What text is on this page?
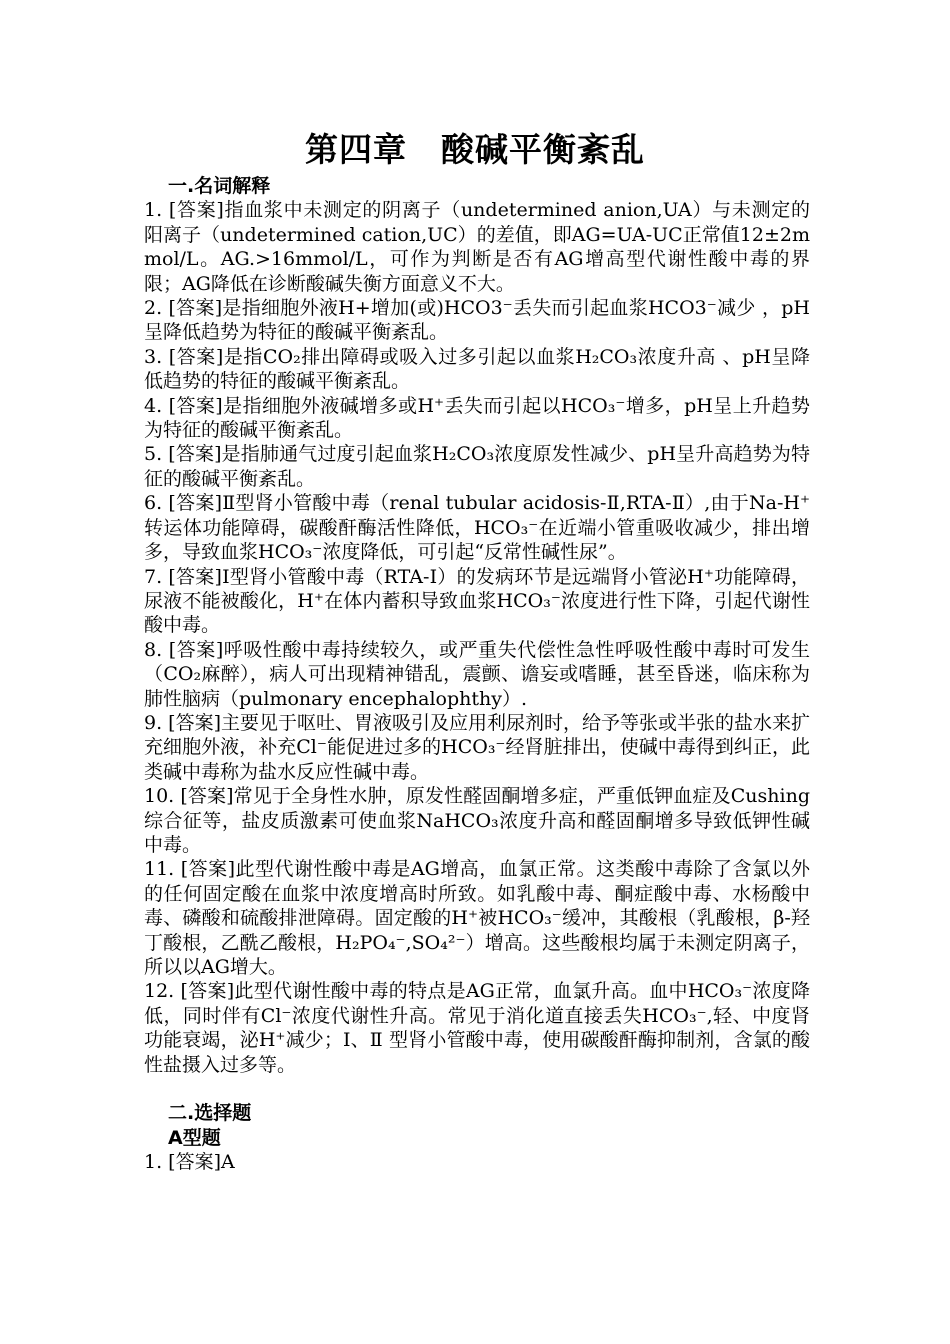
第四章　酸碱平衡紊乱

一.名词解释

1. [答案]指血浆中未测定的阴离子（undetermined anion,UA）与未测定的阳离子（undetermined cation,UC）的差值，即AG=UA-UC正常值12±2mmol/L。AG.>16mmol/L，可作为判断是否有AG增高型代谢性酸中毒的界限；AG降低在诊断酸碱失衡方面意义不大。

2. [答案]是指细胞外液H+增加(或)HCO3⁻丢失而引起血浆HCO3⁻减少 ，pH呈降低趋势为特征的酸碱平衡紊乱。

3. [答案]是指CO₂排出障碍或吸入过多引起以血浆H₂CO₃浓度升高 、pH呈降低趋势的特征的酸碱平衡紊乱。

4. [答案]是指细胞外液碱增多或H⁺丢失而引起以HCO₃⁻增多，pH呈上升趋势为特征的酸碱平衡紊乱。

5. [答案]是指肺通气过度引起血浆H₂CO₃浓度原发性减少、pH呈升高趋势为特征的酸碱平衡紊乱。

6. [答案]Ⅱ型肾小管酸中毒（renal tubular acidosis-Ⅱ,RTA-Ⅱ）,由于Na-H⁺转运体功能障碍，碳酸酐酶活性降低，HCO₃⁻在近端小管重吸收减少，排出增多，导致血浆HCO₃⁻浓度降低，可引起“反常性碱性尿”。

7. [答案]Ⅰ型肾小管酸中毒（RTA-Ⅰ）的发病环节是远端肾小管泌H⁺功能障碍，尿液不能被酸化，H⁺在体内蓄积导致血浆HCO₃⁻浓度进行性下降，引起代谢性酸中毒。

8. [答案]呼吸性酸中毒持续较久，或严重失代偿性急性呼吸性酸中毒时可发生（CO₂麻醉），病人可出现精神错乱，震颤、谵妄或嗜睡，甚至昏迷，临床称为肺性脑病（pulmonary encephalophthy）.

9. [答案]主要见于呕吐、胃液吸引及应用利尿剂时，给予等张或半张的盐水来扩充细胞外液，补充Cl⁻能促进过多的HCO₃⁻经肾脏排出，使碱中毒得到纠正，此类碱中毒称为盐水反应性碱中毒。

10. [答案]常见于全身性水肿，原发性醛固酮增多症，严重低钾血症及Cushing综合征等，盐皮质激素可使血浆NaHCO₃浓度升高和醛固酮增多导致低钾性碱中毒。

11. [答案]此型代谢性酸中毒是AG增高，血氯正常。这类酸中毒除了含氯以外的任何固定酸在血浆中浓度增高时所致。如乳酸中毒、酮症酸中毒、水杨酸中毒、磷酸和硫酸排泄障碍。固定酸的H⁺被HCO₃⁻缓冲，其酸根（乳酸根，β-羟丁酸根，乙酰乙酸根，H₂PO₄⁻,SO₄²⁻）增高。这些酸根均属于未测定阴离子，所以以AG增大。

12. [答案]此型代谢性酸中毒的特点是AG正常，血氯升高。血中HCO₃⁻浓度降低，同时伴有Cl⁻浓度代谢性升高。常见于消化道直接丢失HCO₃⁻,轻、中度肾功能衰竭，泌H⁺减少；Ⅰ、Ⅱ 型肾小管酸中毒，使用碳酸酐酶抑制剂，含氯的酸性盐摄入过多等。

二.选择题

A型题

1. [答案]A
